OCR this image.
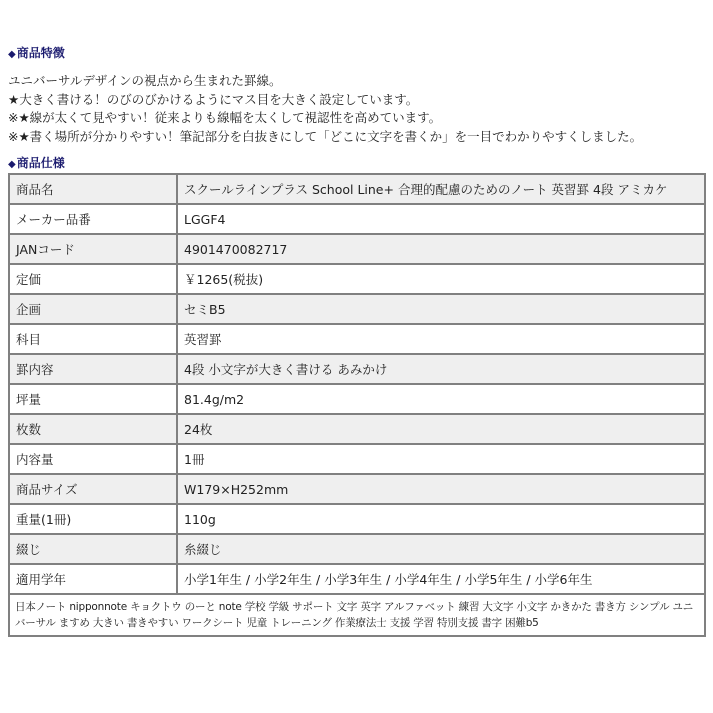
◆商品特徴
ユニバーサルデザインの視点から生まれた罫線。
★大きく書ける！のびのびかけるようにマス目を大きく設定しています。
※★線が太くて見やすい！従来よりも線幅を太くして視認性を高めています。
※★書く場所が分かりやすい！筆記部分を白抜きにして「どこに文字を書くか」を一目でわかりやすくしました。
◆商品仕様
商品名	スクールラインプラス School Line+ 合理的配慮のためのノート 英習罫 4段 アミカケ
メーカー品番	LGGF4
JANコード	4901470082717
定価	￥1265(税抜)
企画	セミB5
科目	英習罫
罫内容	4段 小文字が大きく書ける あみかけ
坪量	81.4g/m2
枚数	24枚
内容量	1冊
商品サイズ	W179×H252mm
重量(1冊)	110g
綴じ	糸綴じ
適用学年	小学1年生 / 小学2年生 / 小学3年生 / 小学4年生 / 小学5年生 / 小学6年生
日本ノート nipponnote キョクトウ のーと note 学校 学級 サポート 文字 英字 アルファベット 練習 大文字 小文字 かきかた 書き方 シンプル ユニバーサル ますめ 大きい 書きやすい ワークシート 児童 トレーニング 作業療法士 支援 学習 特別支援 書字 困難b5	
